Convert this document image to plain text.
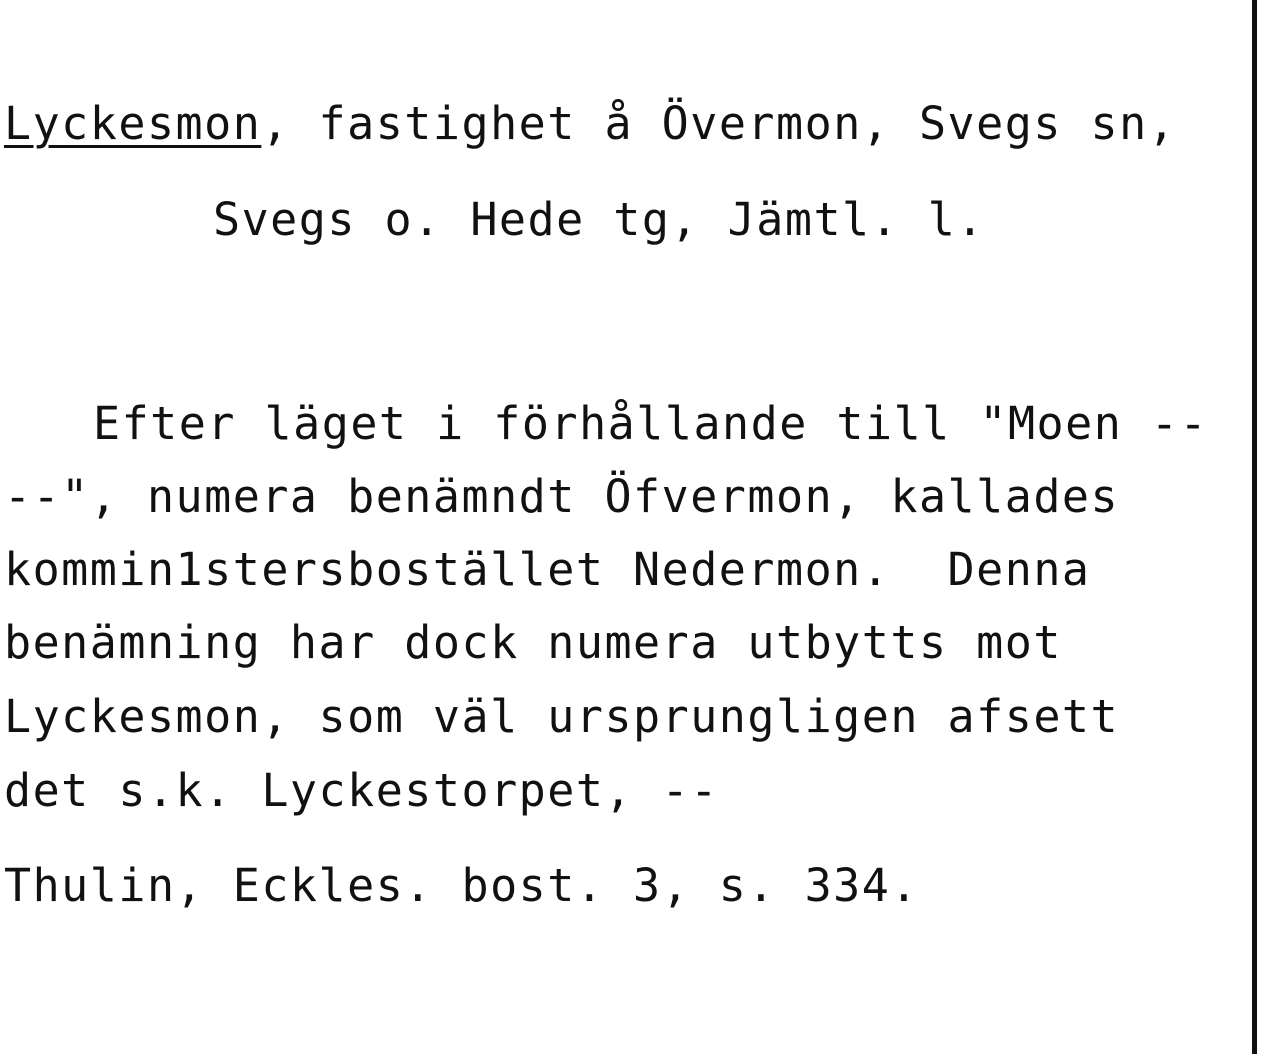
Lyckesmon, fastighet å Övermon, Svegs sn,
Svegs o. Hede tg, Jämtl. l.
Efter läget i förhållande till "Moen --
--", numera benämndt Öfvermon, kallades
kommin1stersbostället Nedermon.  Denna
benämning har dock numera utbytts mot
Lyckesmon, som väl ursprungligen afsett
det s.k. Lyckestorpet, --
Thulin, Eckles. bost. 3, s. 334.
